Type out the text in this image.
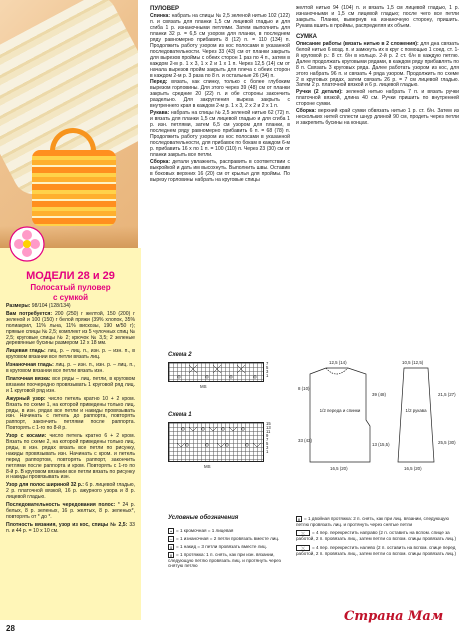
МОДЕЛИ 28 и 29
Полосатый пуловер
с сумкой

Размеры: 98/104 (128/134)

Вам потребуется: 200 (250) г желтой, 150 (200) г зеленой и 100 (150) г белой пряжи (39% хлопок, 35% полиакрил, 11% льна, 11% вискозы, 190 м/50 г); прямые спицы № 2,5; комплект из 5 чулочных спиц № 2,5; круговые спицы № 2; крючок № 3,5; 2 зеленые деревянные бусины размером 12 х 18 мм.

Лицевая гладь: лиц. р. – лиц. п., изн. р. – изн. п., в круговом вязании все петли вязать лиц.

Изнаночная гладь: лиц. р. – изн. п., изн. р. – лиц. п., в круговом вязании все петли вязать изн.

Платочная вязка: все ряды – лиц. петли, в круговом вязании поочередно провязывать 1 круговой ряд лиц. и 1 круговой ряд изн.

Ажурный узор: число петель кратно 10 + 2 кром. Вязать по схеме 1, на которой приведены только лиц. ряды, в изн. рядах все петли и накиды провязывать изн. Начинать с петель до раппорта, повторять раппорт, закончить петлями после раппорта. Повторять с 1-го по 8-й р.

Узор с косами: число петель кратно 6 + 2 кром. Вязать по схеме 2, на которой приведены только лиц. ряды, в изн. рядах вязать все петли по рисунку, накиды провязывать изн. Начинать с кром. и петель перед раппортом, повторять раппорт, закончить петлями после раппорта и кром. Повторять с 1-го по 8-й р. В круговом вязании все петли вязать по рисунку и накиды провязывать изн.

Узор для полос шириной 32 р.: 6 р. лицевой гладью, 2 р. платочной вязкой, 16 р. ажурного узора и 8 р. лицевой гладью.

Последовательность чередования полос: * 24 р. белых, 8 р. зеленых, 16 р. желтых, 8 р. зеленых*, повторять от * до *.

Плотность вязания, узор из кос, спицы № 2,5: 33 п. и 44 р. = 10 х 10 см.

ПУЛОВЕР

Спинка: набрать на спицы № 2,5 зеленой нитью 102 (122) п. и связать для планки 1,5 см лицевой гладью и для сгиба 1 р. изнаночными петлями. Затем выполнить для планки 32 р. = 6,5 см узором для планки, в последнем ряду равномерно прибавить 8 (12) п. = 110 (134) п. Продолжить работу узором из кос полосами в указанной последовательности. Через 33 (43) см от планки закрыть для вырезов проймы с обеих сторон 1 раз по 4 п., затем в каждом 2-м р. 1 х 3, 1 х 2 и 1 х 1 п. Через 12,5 (14) см от начала вырезов пройм закрыть для плеча с обеих сторон в каждом 2-м р. 3 раза по 8 п. и остальные 26 (34) п.

Перед: вязать, как спинку, только с более глубоким вырезом горловины. Для этого через 39 (48) см от планки закрыть средние 20 (22) п. и обе стороны закончить раздельно. Для закругления выреза закрыть с внутреннего края в каждом 2-м р. 1 х 3, 2 х 2 и 2 х 1 п.

Рукава: набрать на спицы № 2,5 зеленой нитью 62 (72) п. и вязать для планки 1,5 см лицевой гладью и для сгиба 1 р. изн. петлями, затем 6,5 см узором для планки, в последнем ряду равномерно прибавить 6 п. = 68 (78) п. Продолжить работу узором из кос полосами в указанной последовательности, для прибавок по бокам в каждом 6-м р. прибавить 16 х по 1 п. = 100 (110) п. Через 23 (30) см от планки закрыть все петли.

Сборка: детали увлажнить, расправить в соответствии с выкройкой и дать им высохнуть. Выполнить швы. Оставив в боковых верхних 16 (20) см от крылья для проймы. По вырезу горловины набрать на круговые спицы

желтой нитью 94 (104) п. и вязать 1,5 см лицевой гладью, 1 р. изнаночными и 1,5 см лицевой гладью; после чего все петли закрыть. Планки, вывернув на изнаночную сторону, пришить. Рукава вшить в проймы, распределяя их объем.

СУМКА

Описание работы (вязать нитью в 2 сложения): для дна связать белой нитью 6 возд. п. и замкнуть их в круг с помощью 1 соед. ст. 1-й круговой р.: 8 ст. б/н в кольцо. 2-й р. 2 ст. б/н в каждую петлю. Далее продолжать круговыми рядами, в каждом ряду прибавлять по 8 п. Связать 3 круговых ряда. Далее работать узором из кос, для этого набрать 96 п. и связать 4 ряда узором. Продолжить по схеме 2 в круговых рядах, затем связать 26 р. = 7 см лицевой гладью. Затем 2 р. платочной вязкой и 6 р. лицевой гладью.

Ручки (2 детали): зеленой нитью набрать 7 п. и вязать ручки платочной вязкой, длина 40 см. Ручки пришить по внутренней стороне сумки.

Сборка: верхний край сумки обвязать нитью 1 р. ст. б/н. Затем из нескольких нитей сплести шнур длиной 90 см, продеть через петли и закрепить бусины на концах.

Схема 2
7
5
3
1
МS
Схема 1
15
13
11
9
7
5
3
1
МS
Условные обозначения
• = 1 кромочная = 1 лицевая
– = 1 изнаночная = 2 петли провязать вместе лиц.
o = 1 накид = 3 петли провязать вместе лиц.
∧ = 1 протяжка: 1 п. снять, как при изн. вязании, следующую петлю провязать лиц. и протянуть через снятую петлю
∧ = 1 двойная протяжка: 2 п. снять, как при лиц. вязании, следующую петлю провязать лиц. и протянуть через снятые петли
⤫ = 4 пер. перекрестить направо (2 п. оставить на вспом. спице за работой, 2 п. провязать лиц., затем петли со вспом. спицы провязать лиц.)
⤬ = 4 пер. перекрестить налево (2 п. оставить на вспом. спице перед работой, 2 п. провязать лиц., затем петли со вспом. спицы провязать лиц.)
1/2 переда и спинки	1/2 рукава
12,5 (14)
8 (10)
33 (43)
16,5 (20)
39 (48)	21,5 (27)
25,5 (30)
16,5 (20)
10,5 (12,5)
13 (15,5)
28
Страна Мам
